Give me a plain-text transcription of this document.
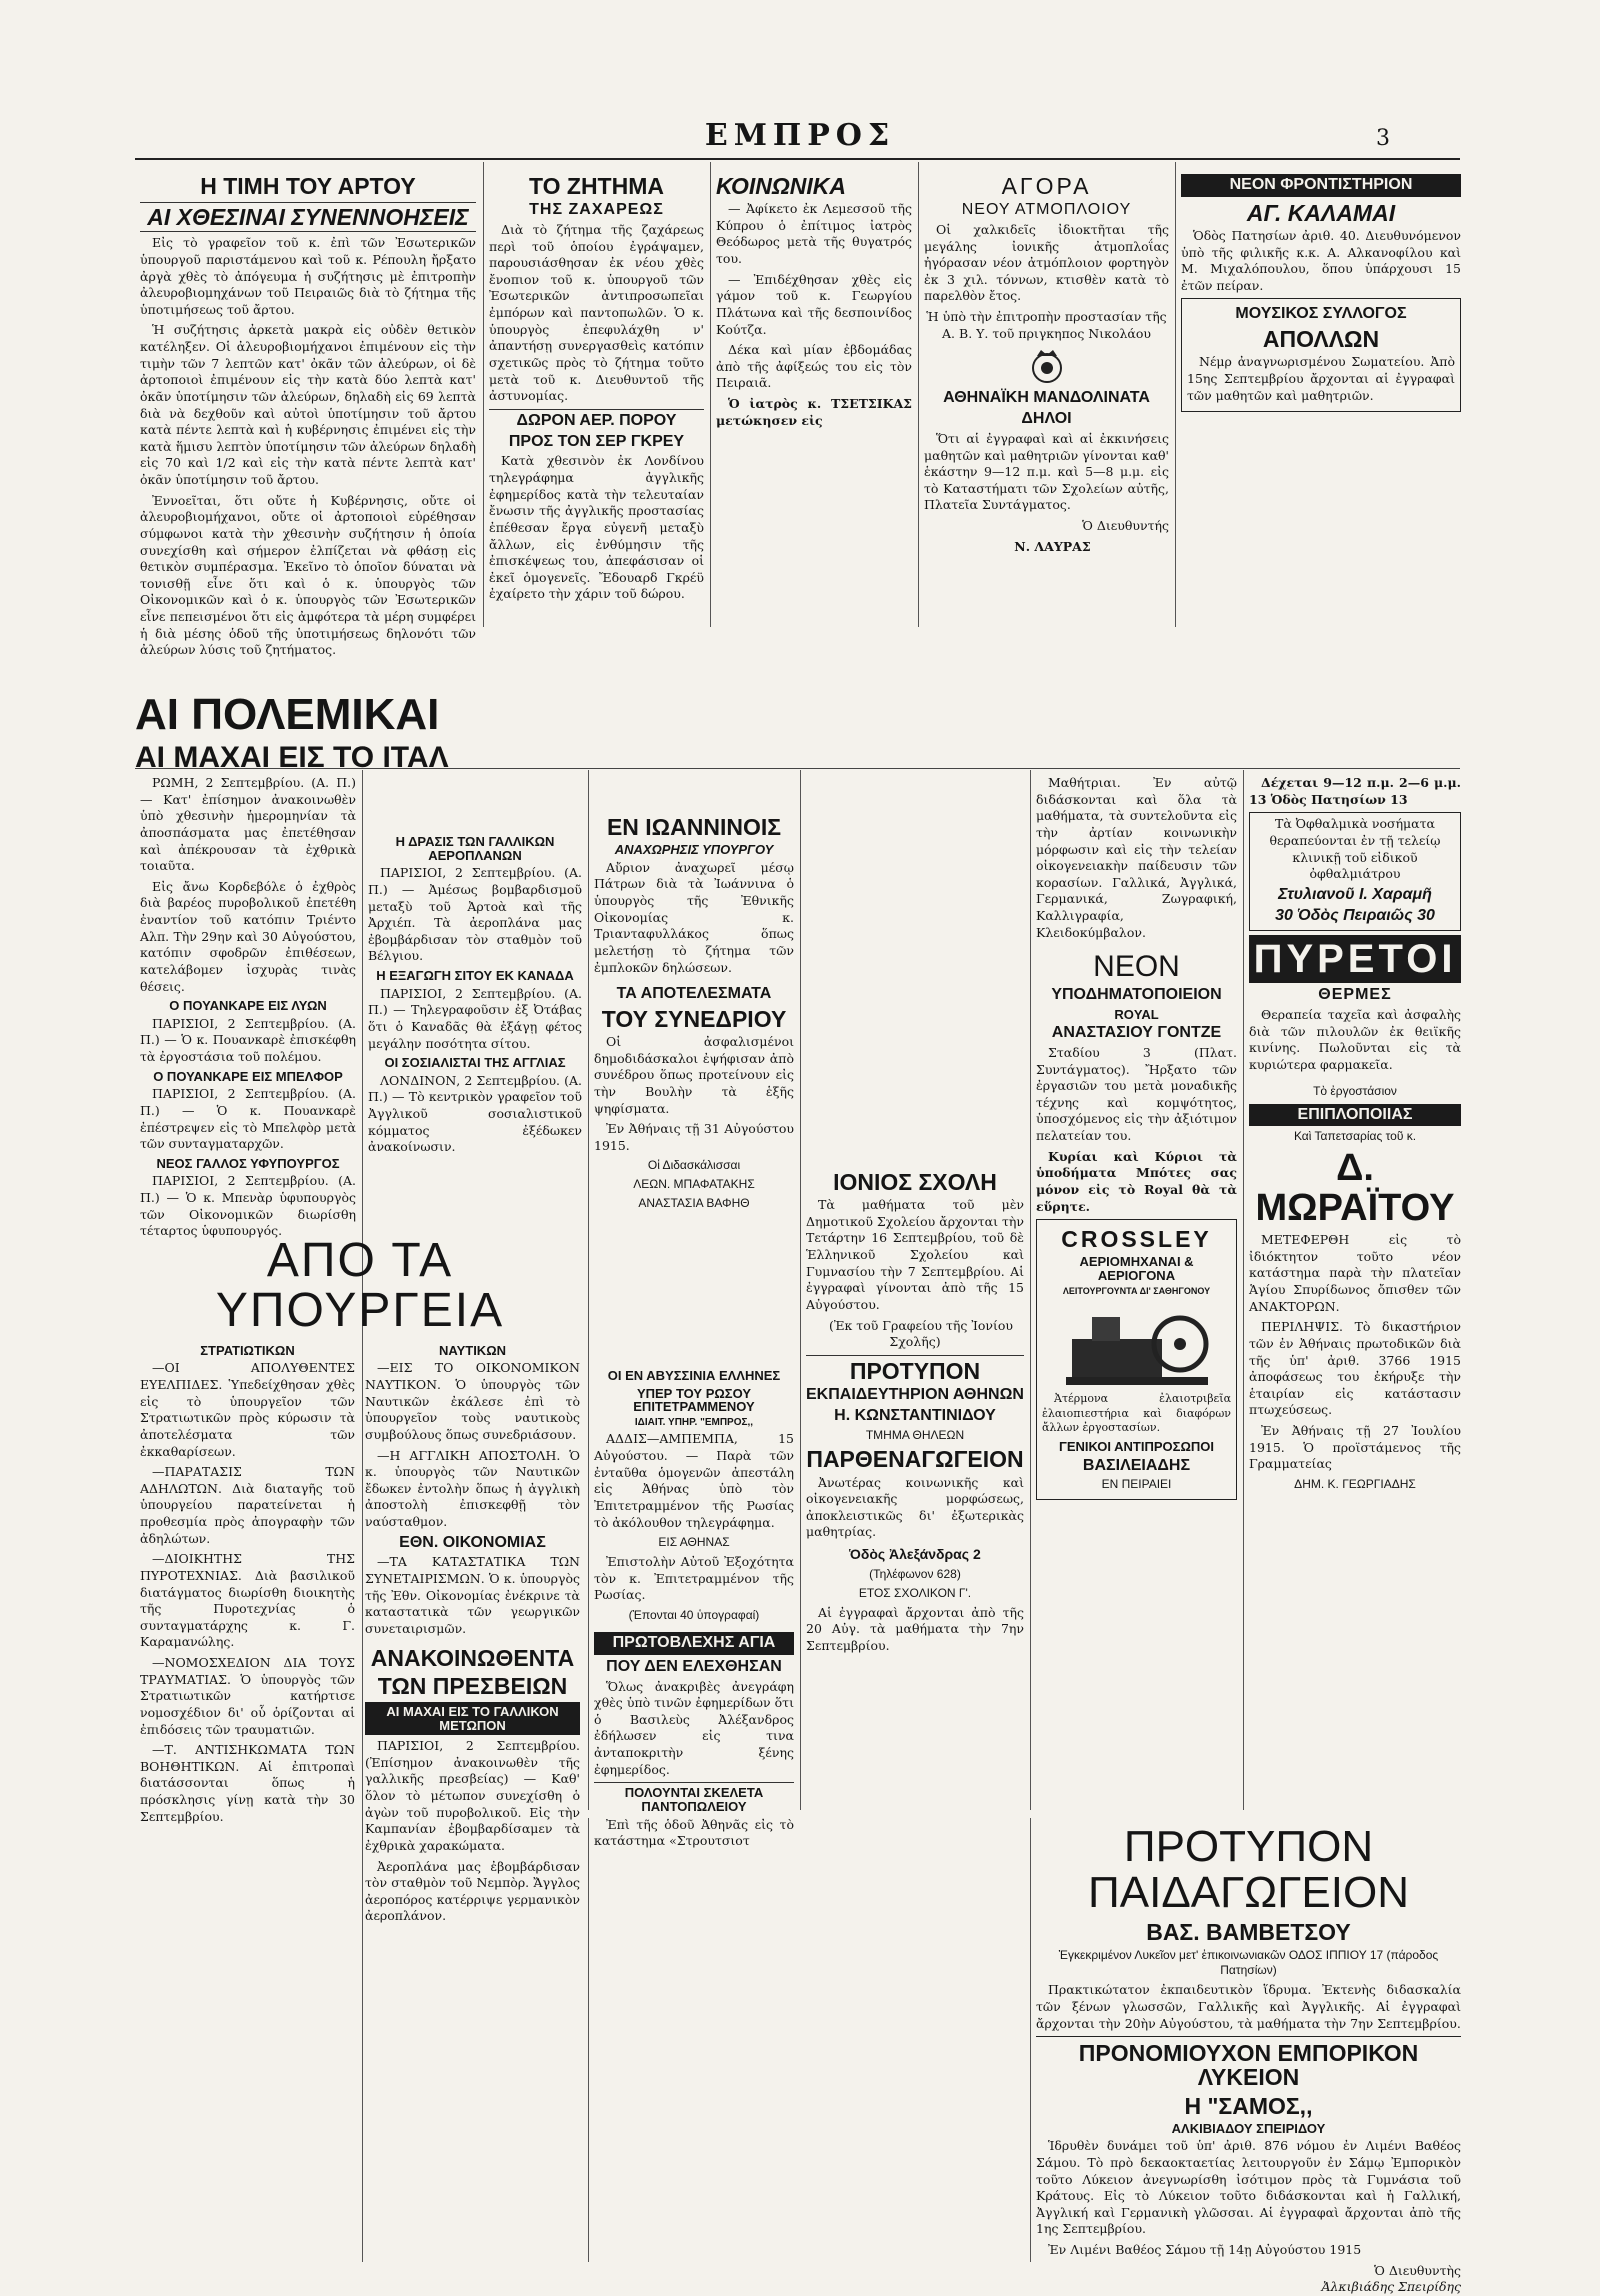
ΕΜΠΡΟΣ	3
Η ΤΙΜΗ ΤΟΥ ΑΡΤΟΥ
ΑΙ ΧΘΕΣΙΝΑΙ ΣΥΝΕΝΝΟΗΣΕΙΣ

Εἰς τὸ γραφεῖον τοῦ κ. ἐπὶ τῶν Ἐσωτερικῶν ὑπουργοῦ παριστάμενου καὶ τοῦ κ. Ρέπουλη ἤρξατο ἀργὰ χθὲς τὸ ἀπόγευμα ἡ συζήτησις μὲ ἐπιτροπὴν ἀλευροβιομηχάνων τοῦ Πειραιῶς διὰ τὸ ζήτημα τῆς ὑποτιμήσεως τοῦ ἄρτου.

Ἡ συζήτησις ἀρκετὰ μακρὰ εἰς οὐδὲν θετικὸν κατέληξεν. Οἱ ἀλευροβιομήχανοι ἐπιμένουν εἰς τὴν τιμὴν τῶν 7 λεπτῶν κατ' ὀκᾶν τῶν ἀλεύρων, οἱ δὲ ἀρτοποιοὶ ἐπιμένουν εἰς τὴν κατὰ δύο λεπτὰ κατ' ὀκᾶν ὑποτίμησιν τῶν ἀλεύρων, δηλαδὴ εἰς 69 λεπτὰ διὰ νὰ δεχθοῦν καὶ αὐτοὶ ὑποτίμησιν τοῦ ἄρτου κατὰ πέντε λεπτὰ καὶ ἡ κυβέρνησις ἐπιμένει εἰς τὴν κατὰ ἥμισυ λεπτὸν ὑποτίμησιν τῶν ἀλεύρων δηλαδὴ εἰς 70 καὶ 1/2 καὶ εἰς τὴν κατὰ πέντε λεπτὰ κατ' ὀκᾶν ὑποτίμησιν τοῦ ἄρτου.

Ἐννοεῖται, ὅτι οὔτε ἡ Κυβέρνησις, οὔτε οἱ ἀλευροβιομήχανοι, οὔτε οἱ ἀρτοποιοὶ εὑρέθησαν σύμφωνοι κατὰ τὴν χθεσινὴν συζήτησιν ἡ ὁποία συνεχίσθη καὶ σήμερον ἐλπίζεται νὰ φθάσῃ εἰς θετικὸν συμπέρασμα. Ἐκεῖνο τὸ ὁποῖον δύναται νὰ τονισθῇ εἶνε ὅτι καὶ ὁ κ. ὑπουργὸς τῶν Οἰκονομικῶν καὶ ὁ κ. ὑπουργὸς τῶν Ἐσωτερικῶν εἶνε πεπεισμένοι ὅτι εἰς ἀμφότερα τὰ μέρη συμφέρει ἡ διὰ μέσης ὁδοῦ τῆς ὑποτιμήσεως δηλονότι τῶν ἀλεύρων λύσις τοῦ ζητήματος.

ΤΟ ΖΗΤΗΜΑ
ΤΗΣ ΖΑΧΑΡΕΩΣ

Διὰ τὸ ζήτημα τῆς ζαχάρεως περὶ τοῦ ὁποίου ἐγράψαμεν, παρουσιάσθησαν ἐκ νέου χθὲς ἔνοπιον τοῦ κ. ὑπουργοῦ τῶν Ἐσωτερικῶν ἀντιπροσωπεῖαι ἐμπόρων καὶ παντοπωλῶν. Ὁ κ. ὑπουργὸς ἐπεφυλάχθη ν' ἀπαντήσῃ συνεργασθεὶς κατόπιν σχετικῶς πρὸς τὸ ζήτημα τοῦτο μετὰ τοῦ κ. Διευθυντοῦ τῆς ἀστυνομίας.

ΔΩΡΟΝ ΑΕΡ. ΠΟΡΟΥ
ΠΡΟΣ ΤΟΝ ΣΕΡ ΓΚΡΕΥ

Κατὰ χθεσινὸν ἐκ Λονδίνου τηλεγράφημα ἀγγλικῆς ἐφημερίδος κατὰ τὴν τελευταίαν ἔνωσιν τῆς ἀγγλικῆς προστασίας ἐπέθεσαν ἔργα εὐγενῆ μεταξὺ ἄλλων, εἰς ἐνθύμησιν τῆς ἐπισκέψεως του, ἀπεφάσισαν οἱ ἐκεῖ ὁμογενεῖς. Ἔδουαρδ Γκρέϋ ἐχαίρετο τὴν χάριν τοῦ δώρου.

ΚΟΙΝΩΝΙΚΑ

— Ἀφίκετο ἐκ Λεμεσσοῦ τῆς Κύπρου ὁ ἐπίτιμος ἰατρὸς Θεόδωρος μετὰ τῆς θυγατρός του.

— Ἐπιδέχθησαν χθὲς εἰς γάμον τοῦ κ. Γεωργίου Πλάτωνα καὶ τῆς δεσποινίδος Κούτζα.

Δέκα καὶ μίαν ἐβδομάδας ἀπὸ τῆς ἀφίξεώς του εἰς τὸν Πειραιᾶ.

Ὁ ἰατρὸς κ. ΤΣΕΤΣΙΚΑΣ μετώκησεν εἰς

ΑΓΟΡΑ
ΝΕΟΥ ΑΤΜΟΠΛΟΙΟΥ

Οἱ χαλκιδεῖς ἰδιοκτῆται τῆς μεγάλης ἰονικῆς ἀτμοπλοΐας ἠγόρασαν νέον ἀτμόπλοιον φορτηγὸν ἐκ 3 χιλ. τόννων, κτισθὲν κατὰ τὸ παρελθὸν ἔτος.

Ἡ ὑπὸ τὴν ἐπιτροπὴν προστασίαν τῆς Α. Β. Υ. τοῦ πριγκηπος Νικολάου

ΑΘΗΝΑΪΚΗ ΜΑΝΔΟΛΙΝΑΤΑ
ΔΗΛΟΙ

Ὅτι αἱ ἐγγραφαὶ καὶ αἱ ἐκκινήσεις μαθητῶν καὶ μαθητριῶν γίνονται καθ' ἑκάστην 9—12 π.μ. καὶ 5—8 μ.μ. εἰς τὸ Καταστήματι τῶν Σχολείων αὐτῆς, Πλατεῖα Συντάγματος.

Ὁ Διευθυντής

Ν. ΛΑΥΡΑΣ

ΝΕΟΝ ΦΡΟΝΤΙΣΤΗΡΙΟΝ
ΑΓ. ΚΑΛΑΜΑΙ

Ὁδὸς Πατησίων ἀριθ. 40. Διευθυνόμενον ὑπὸ τῆς φιλικῆς κ.κ. Α. Αλκανοφίλου καὶ Μ. Μιχαλόπουλου, ὅπου ὑπάρχουσι 15 ἐτῶν πείραν.

ΜΟΥΣΙΚΟΣ ΣΥΛΛΟΓΟΣ
ΑΠΟΛΛΩΝ

Νέμρ ἀναγνωρισμένου Σωματείου. Ἀπὸ 15ης Σεπτεμβρίου ἄρχονται αἱ ἐγγραφαὶ τῶν μαθητῶν καὶ μαθητριῶν.

ΑΙ ΠΟΛΕΜΙΚΑΙ
ΑΙ ΜΑΧΑΙ ΕΙΣ ΤΟ ΙΤΑΛ

ΡΩΜΗ, 2 Σεπτεμβρίου. (Α. Π.) — Κατ' ἐπίσημον ἀνακοινωθὲν ὑπὸ χθεσινὴν ἡμερομηνίαν τὰ ἀποσπάσματα μας ἐπετέθησαν καὶ ἀπέκρουσαν τὰ ἐχθρικὰ τοιαῦτα.

Εἰς ἄνω Κορδεβόλε ὁ ἐχθρὸς διὰ βαρέος πυροβολικοῦ ἐπετέθη ἐναντίον τοῦ κατόπιν Τριέντο Αλπ. Τὴν 29ην καὶ 30 Αὐγούστου, κατόπιν σφοδρῶν ἐπιθέσεων, κατελάβομεν ἰσχυρὰς τινὰς θέσεις.

Ο ΠΟΥΑΝΚΑΡΕ ΕΙΣ ΛΥΩΝ

ΠΑΡΙΣΙΟΙ, 2 Σεπτεμβρίου. (Α. Π.) — Ὁ κ. Πουανκαρὲ ἐπισκέφθη τὰ ἐργοστάσια τοῦ πολέμου.

Ο ΠΟΥΑΝΚΑΡΕ ΕΙΣ ΜΠΕΛΦΟΡ

ΠΑΡΙΣΙΟΙ, 2 Σεπτεμβρίου. (Α. Π.) — Ὁ κ. Πουανκαρὲ ἐπέστρεψεν εἰς τὸ Μπελφὸρ μετὰ τῶν συνταγματαρχῶν.

ΝΕΟΣ ΓΑΛΛΟΣ ΥΦΥΠΟΥΡΓΟΣ

ΠΑΡΙΣΙΟΙ, 2 Σεπτεμβρίου. (Α. Π.) — Ὁ κ. Μπενὰρ ὑφυπουργὸς τῶν Οἰκονομικῶν διωρίσθη τέταρτος ὑφυπουργός.

Η ΔΡΑΣΙΣ ΤΩΝ ΓΑΛΛΙΚΩΝ ΑΕΡΟΠΛΑΝΩΝ

ΠΑΡΙΣΙΟΙ, 2 Σεπτεμβρίου. (Α. Π.) — Ἀμέσως βομβαρδισμοῦ μεταξὺ τοῦ Ἀρτοὰ καὶ τῆς Ἀρχιέπ. Τὰ ἀεροπλάνα μας ἐβομβάρδισαν τὸν σταθμὸν τοῦ Βέλγιου.

Η ΕΞΑΓΩΓΗ ΣΙΤΟΥ ΕΚ ΚΑΝΑΔΑ

ΠΑΡΙΣΙΟΙ, 2 Σεπτεμβρίου. (Α. Π.) — Τηλεγραφοῦσιν ἐξ Ὀτάβας ὅτι ὁ Καναδᾶς θὰ ἐξάγῃ φέτος μεγάλην ποσότητα σίτου.

ΟΙ ΣΟΣΙΑΛΙΣΤΑΙ ΤΗΣ ΑΓΓΛΙΑΣ

ΛΟΝΔΙΝΟΝ, 2 Σεπτεμβρίου. (Α. Π.) — Τὸ κεντρικὸν γραφεῖον τοῦ Ἀγγλικοῦ σοσιαλιστικοῦ κόμματος ἐξέδωκεν ἀνακοίνωσιν.

ΕΝ ΙΩΑΝΝΙΝΟΙΣ
ΑΝΑΧΩΡΗΣΙΣ ΥΠΟΥΡΓΟΥ

Αὔριον ἀναχωρεῖ μέσῳ Πάτρων διὰ τὰ Ἰωάννινα ὁ ὑπουργὸς τῆς Ἐθνικῆς Οἰκονομίας κ. Τριανταφυλλάκος ὅπως μελετήσῃ τὸ ζήτημα τῶν ἐμπλοκῶν δηλώσεων.

ΤΑ ΑΠΟΤΕΛΕΣΜΑΤΑ
ΤΟΥ ΣΥΝΕΔΡΙΟΥ

Οἱ ἀσφαλισμένοι δημοδιδάσκαλοι ἐψήφισαν ἀπὸ συνέδρου ὅπως προτείνουν εἰς τὴν Βουλὴν τὰ ἑξῆς ψηφίσματα.

Ἐν Ἀθήναις τῇ 31 Αὐγούστου 1915.

Οἱ Διδασκάλισσαι
ΛΕΩΝ. ΜΠΑΦΑΤΑΚΗΣ
ΑΝΑΣΤΑΣΙΑ ΒΑΦΗΘ
ΙΟΝΙΟΣ ΣΧΟΛΗ

Τὰ μαθήματα τοῦ μὲν Δημοτικοῦ Σχολείου ἄρχονται τὴν Τετάρτην 16 Σεπτεμβρίου, τοῦ δὲ Ἑλληνικοῦ Σχολείου καὶ Γυμνασίου τὴν 7 Σεπτεμβρίου. Αἱ ἐγγραφαὶ γίνονται ἀπὸ τῆς 15 Αὐγούστου.

(Ἐκ τοῦ Γραφείου τῆς Ἰονίου Σχολῆς)

ΠΡΟΤΥΠΟΝ
ΕΚΠΑΙΔΕΥΤΗΡΙΟΝ ΑΘΗΝΩΝ
Η. ΚΩΝΣΤΑΝΤΙΝΙΔΟΥ
ΤΜΗΜΑ ΘΗΛΕΩΝ
ΠΑΡΘΕΝΑΓΩΓΕΙΟΝ

Ἀνωτέρας κοινωνικῆς καὶ οἰκογενειακῆς μορφώσεως, ἀποκλειστικῶς δι' ἐξωτερικὰς μαθητρίας.

Ὁδὸς Ἀλεξάνδρας 2
(Τηλέφωνον 628)
ΕΤΟΣ ΣΧΟΛΙΚΟΝ Γ'.

Αἱ ἐγγραφαὶ ἄρχονται ἀπὸ τῆς 20 Αὐγ. τὰ μαθήματα τὴν 7ην Σεπτεμβρίου.

Μαθήτριαι. Ἐν αὐτῷ διδάσκονται καὶ ὅλα τὰ μαθήματα, τὰ συντελοῦντα εἰς τὴν ἀρτίαν κοινωνικὴν μόρφωσιν καὶ εἰς τὴν τελείαν οἰκογενειακὴν παίδευσιν τῶν κορασίων. Γαλλικά, Ἀγγλικά, Γερμανικά, Ζωγραφική, Καλλιγραφία, Κλειδοκύμβαλον.

ΝΕΟΝ
ΥΠΟΔΗΜΑΤΟΠΟΙΕΙΟΝ
ROYAL
ΑΝΑΣΤΑΣΙΟΥ ΓΟΝΤΖΕ

Σταδίου 3 (Πλατ. Συντάγματος). Ἤρξατο τῶν ἐργασιῶν του μετὰ μοναδικῆς τέχνης καὶ κομψότητος, ὑποσχόμενος εἰς τὴν ἀξιότιμον πελατείαν του.

Κυρίαι καὶ Κύριοι τὰ ὑποδήματα Μπότες σας μόνον εἰς τὸ Royal θὰ τὰ εὕρητε.

CROSSLEY
ΑΕΡΙΟΜΗΧΑΝΑΙ & ΑΕΡΙΟΓΟΝΑ
ΛΕΙΤΟΥΡΓΟΥΝΤΑ ΔΙ' ΣΑΘΗΓΟΝΟΥ

Ἀτέρμονα ἐλαιοτριβεῖα ἐλαιοπιεστήρια καὶ διαφόρων ἄλλων ἐργοστασίων.

ΓΕΝΙΚΟΙ ΑΝΤΙΠΡΟΣΩΠΟΙ
ΒΑΣΙΛΕΙΑΔΗΣ
ΕΝ ΠΕΙΡΑΙΕΙ

Δέχεται 9—12 π.μ. 2—6 μ.μ. 13 Ὁδὸς Πατησίων 13

Τὰ Ὀφθαλμικὰ νοσήματα θεραπεύονται ἐν τῇ τελείῳ κλινικῇ τοῦ εἰδικοῦ ὀφθαλμιάτρου

Στυλιανοῦ Ι. Χαραμῆ
30 Ὁδὸς Πειραιῶς 30
ΠΥΡΕΤΟΙ
ΘΕΡΜΕΣ

Θεραπεία ταχεῖα καὶ ἀσφαλὴς διὰ τῶν πιλουλῶν ἐκ θειϊκῆς κινίνης. Πωλοῦνται εἰς τὰ κυριώτερα φαρμακεῖα.

Τὸ ἐργοστάσιον
ΕΠΙΠΛΟΠΟΙΙΑΣ
Καὶ Ταπετσαρίας τοῦ κ.
Δ. ΜΩΡΑΪΤΟΥ

ΜΕΤΕΦΕΡΘΗ εἰς τὸ ἰδιόκτητον τοῦτο νέον κατάστημα παρὰ τὴν πλατεῖαν Ἁγίου Σπυρίδωνος ὄπισθεν τῶν ΑΝΑΚΤΟΡΩΝ.

ΠΕΡΙΛΗΨΙΣ. Τὸ δικαστήριον τῶν ἐν Ἀθήναις πρωτοδικῶν διὰ τῆς ὑπ' ἀριθ. 3766 1915 ἀποφάσεως του ἐκήρυξε τὴν ἑταιρίαν εἰς κατάστασιν πτωχεύσεως.

Ἐν Ἀθήναις τῇ 27 Ἰουλίου 1915. Ὁ προϊστάμενος τῆς Γραμματείας

ΔΗΜ. Κ. ΓΕΩΡΓΙΑΔΗΣ
ΑΠΟ ΤΑ ΥΠΟΥΡΓΕΙΑ
ΣΤΡΑΤΙΩΤΙΚΩΝ

—ΟΙ ΑΠΟΛΥΘΕΝΤΕΣ ΕΥΕΛΠΙΔΕΣ. Ὑπεδείχθησαν χθὲς εἰς τὸ ὑπουργεῖον τῶν Στρατιωτικῶν πρὸς κύρωσιν τὰ ἀποτελέσματα τῶν ἐκκαθαρίσεων.

—ΠΑΡΑΤΑΣΙΣ ΤΩΝ ΑΔΗΛΩΤΩΝ. Διὰ διαταγῆς τοῦ ὑπουργείου παρατείνεται ἡ προθεσμία πρὸς ἀπογραφὴν τῶν ἀδηλώτων.

—ΔΙΟΙΚΗΤΗΣ ΤΗΣ ΠΥΡΟΤΕΧΝΙΑΣ. Διὰ βασιλικοῦ διατάγματος διωρίσθη διοικητὴς τῆς Πυροτεχνίας ὁ συνταγματάρχης κ. Γ. Καραμανώλης.

—ΝΟΜΟΣΧΕΔΙΟΝ ΔΙΑ ΤΟΥΣ ΤΡΑΥΜΑΤΙΑΣ. Ὁ ὑπουργὸς τῶν Στρατιωτικῶν κατήρτισε νομοσχέδιον δι' οὗ ὁρίζονται αἱ ἐπιδόσεις τῶν τραυματιῶν.

—Τ. ΑΝΤΙΣΗΚΩΜΑΤΑ ΤΩΝ ΒΟΗΘΗΤΙΚΩΝ. Αἱ ἐπιτροπαὶ διατάσσονται ὅπως ἡ πρόσκλησις γίνῃ κατὰ τὴν 30 Σεπτεμβρίου.

ΝΑΥΤΙΚΩΝ

—ΕΙΣ ΤΟ ΟΙΚΟΝΟΜΙΚΟΝ ΝΑΥΤΙΚΟΝ. Ὁ ὑπουργὸς τῶν Ναυτικῶν ἐκάλεσε ἐπὶ τὸ ὑπουργεῖον τοὺς ναυτικοὺς συμβούλους ὅπως συνεδριάσουν.

—Η ΑΓΓΛΙΚΗ ΑΠΟΣΤΟΛΗ. Ὁ κ. ὑπουργὸς τῶν Ναυτικῶν ἔδωκεν ἐντολὴν ὅπως ἡ ἀγγλικὴ ἀποστολὴ ἐπισκεφθῇ τὸν ναύσταθμον.

ΕΘΝ. ΟΙΚΟΝΟΜΙΑΣ

—ΤΑ ΚΑΤΑΣΤΑΤΙΚΑ ΤΩΝ ΣΥΝΕΤΑΙΡΙΣΜΩΝ. Ὁ κ. ὑπουργὸς τῆς Ἐθν. Οἰκονομίας ἐνέκρινε τὰ καταστατικὰ τῶν γεωργικῶν συνεταιρισμῶν.

ΑΝΑΚΟΙΝΩΘΕΝΤΑ
ΤΩΝ ΠΡΕΣΒΕΙΩΝ
ΑΙ ΜΑΧΑΙ ΕΙΣ ΤΟ ΓΑΛΛΙΚΟΝ ΜΕΤΩΠΟΝ

ΠΑΡΙΣΙΟΙ, 2 Σεπτεμβρίου. (Ἐπίσημον ἀνακοινωθὲν τῆς γαλλικῆς πρεσβείας) — Καθ' ὅλον τὸ μέτωπον συνεχίσθη ὁ ἀγὼν τοῦ πυροβολικοῦ. Εἰς τὴν Καμπανίαν ἐβομβαρδίσαμεν τὰ ἐχθρικὰ χαρακώματα.

Ἀεροπλάνα μας ἐβομβάρδισαν τὸν σταθμὸν τοῦ Νεμπὸρ. Ἄγγλος ἀεροπόρος κατέρριψε γερμανικὸν ἀεροπλάνον.

ΟΙ ΕΝ ΑΒΥΣΣΙΝΙΑ ΕΛΛΗΝΕΣ
ΥΠΕΡ ΤΟΥ ΡΩΣΟΥ ΕΠΙΤΕΤΡΑΜΜΕΝΟΥ
ΙΔΙΑΙΤ. ΥΠΗΡ. "ΕΜΠΡΟΣ,,

ΑΔΔΙΣ—ΑΜΠΕΜΠΑ, 15 Αὐγούστου. — Παρὰ τῶν ἐνταῦθα ὁμογενῶν ἀπεστάλη εἰς Ἀθήνας ὑπὸ τὸν Ἐπιτετραμμένον τῆς Ρωσίας τὸ ἀκόλουθον τηλεγράφημα.

ΕΙΣ ΑΘΗΝΑΣ

Ἐπιστολὴν Αὐτοῦ Ἐξοχότητα τὸν κ. Ἐπιτετραμμένον τῆς Ρωσίας.

(Ἐπονται 40 ὑπογραφαί)
ΠΡΩΤΟΒΛΕΧΗΣ ΑΓΙΑ
ΠΟΥ ΔΕΝ ΕΛΕΧΘΗΣΑΝ

Ὅλως ἀνακριβὲς ἀνεγράφη χθὲς ὑπὸ τινῶν ἐφημερίδων ὅτι ὁ Βασιλεὺς Ἀλέξανδρος ἐδήλωσεν εἰς τινα ἀνταποκριτὴν ξένης ἐφημερίδος.

ΠΟΛΟΥΝΤΑΙ ΣΚΕΛΕΤΑ ΠΑΝΤΟΠΩΛΕΙΟΥ

Ἐπὶ τῆς ὁδοῦ Ἀθηνᾶς εἰς τὸ κατάστημα «Στρουτσιοτ	ΠΡΟΤΥΠΟΝ ΠΑΙΔΑΓΩΓΕΙΟΝ
ΒΑΣ. ΒΑΜΒΕΤΣΟΥ
Ἐγκεκριμένον Λυκεῖον μετ' ἐπικοινωνιακῶν ΟΔΟΣ ΙΠΠΙΟΥ 17 (πάροδος Πατησίων)

Πρακτικώτατον ἐκπαιδευτικὸν ἵδρυμα. Ἐκτενὴς διδασκαλία τῶν ξένων γλωσσῶν, Γαλλικῆς καὶ Ἀγγλικῆς. Αἱ ἐγγραφαὶ ἄρχονται τὴν 20ὴν Αὐγούστου, τὰ μαθήματα τὴν 7ην Σεπτεμβρίου.

ΠΡΟΝΟΜΙΟΥΧΟΝ ΕΜΠΟΡΙΚΟΝ ΛΥΚΕΙΟΝ
Η "ΣΑΜΟΣ,,
ΑΛΚΙΒΙΑΔΟΥ ΣΠΕΙΡΙΔΟΥ

Ἱδρυθὲν δυνάμει τοῦ ὑπ' ἀριθ. 876 νόμου ἐν Λιμένι Βαθέος Σάμου. Τὸ πρὸ δεκαοκταετίας λειτουργοῦν ἐν Σάμῳ Ἐμπορικὸν τοῦτο Λύκειον ἀνεγνωρίσθη ἰσότιμον πρὸς τὰ Γυμνάσια τοῦ Κράτους. Εἰς τὸ Λύκειον τοῦτο διδάσκονται καὶ ἡ Γαλλική, Ἀγγλική καὶ Γερμανικὴ γλῶσσαι. Αἱ ἐγγραφαὶ ἄρχονται ἀπὸ τῆς 1ης Σεπτεμβρίου.

Ἐν Λιμένι Βαθέος Σάμου τῇ 14ῃ Αὐγούστου 1915

Ὁ Διευθυντὴς
Ἀλκιβιάδης Σπειρίδης
